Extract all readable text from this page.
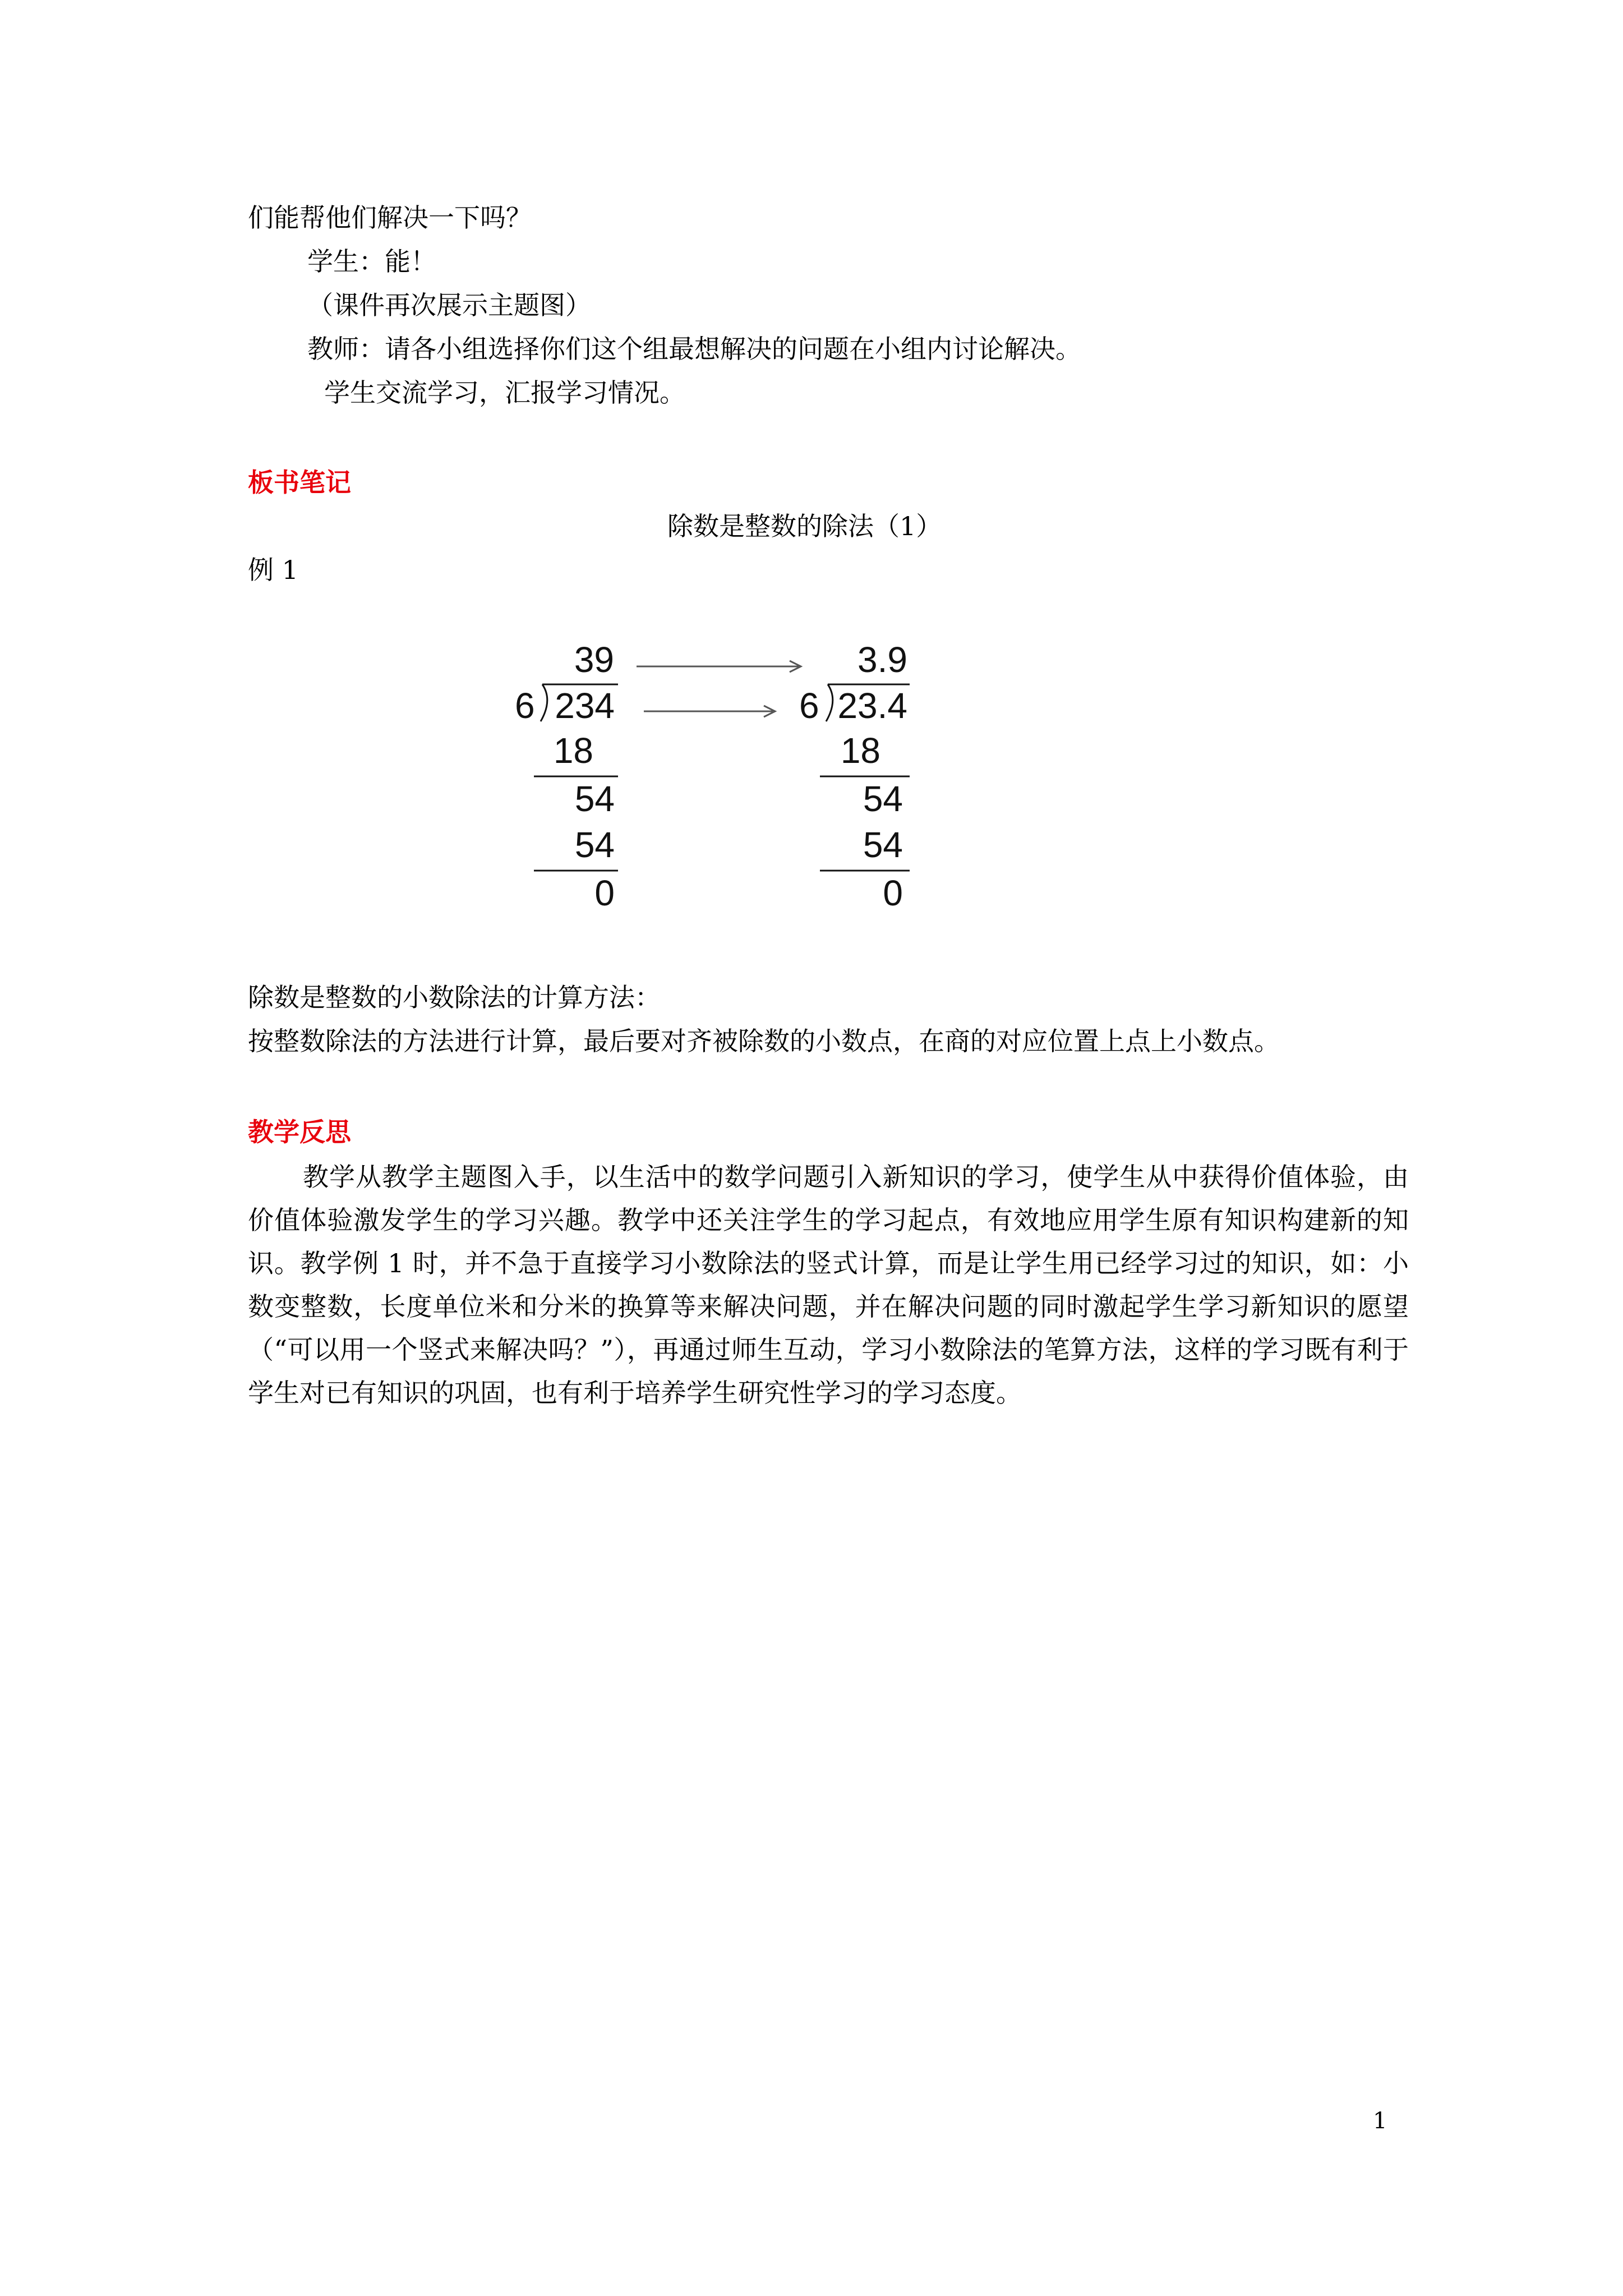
们能帮他们解决一下吗？
学生：能！
（课件再次展示主题图）
教师：请各小组选择你们这个组最想解决的问题在小组内讨论解决。
学生交流学习，汇报学习情况。
板书笔记
除数是整数的除法（1）
例 1
39
6 234
18
54
54
0
3.9
6 23.4
18
54
54
0
除数是整数的小数除法的计算方法：
按整数除法的方法进行计算，最后要对齐被除数的小数点，在商的对应位置上点上小数点。
教学反思
教学从教学主题图入手，以生活中的数学问题引入新知识的学习，使学生从中获得价值体验，由价值体验激发学生的学习兴趣。教学中还关注学生的学习起点，有效地应用学生原有知识构建新的知识。教学例 1 时，并不急于直接学习小数除法的竖式计算，而是让学生用已经学习过的知识，如：小数变整数，长度单位米和分米的换算等来解决问题，并在解决问题的同时激起学生学习新知识的愿望（“可以用一个竖式来解决吗？”），再通过师生互动，学习小数除法的笔算方法，这样的学习既有利于学生对已有知识的巩固，也有利于培养学生研究性学习的学习态度。
1
